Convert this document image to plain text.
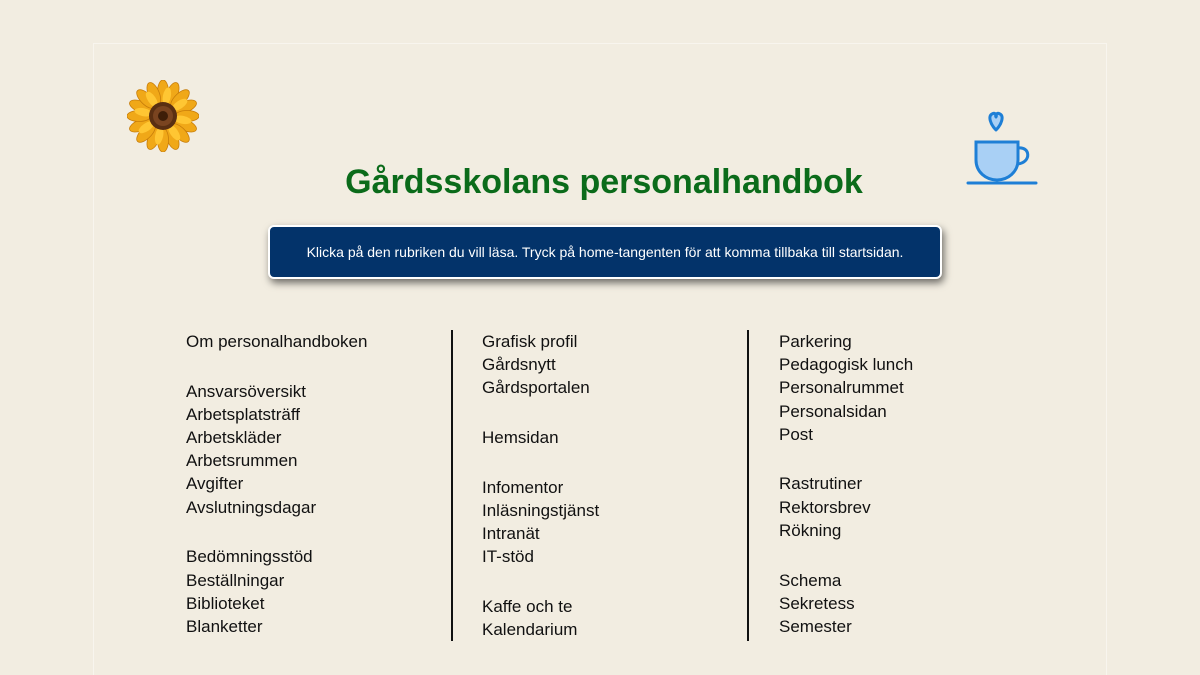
Gårdsskolans personalhandbok
Klicka på den rubriken du vill läsa. Tryck på home-tangenten för att komma tillbaka till startsidan.
Om personalhandboken
Ansvarsöversikt
Arbetsplatsträff
Arbetskläder
Arbetsrummen
Avgifter
Avslutningsdagar
Bedömningsstöd
Beställningar
Biblioteket
Blanketter
Grafisk profil
Gårdsnytt
Gårdsportalen
Hemsidan
Infomentor
Inläsningstjänst
Intranät
IT-stöd
Kaffe och te
Kalendarium
Parkering
Pedagogisk lunch
Personalrummet
Personalsidan
Post
Rastrutiner
Rektorsbrev
Rökning
Schema
Sekretess
Semester
